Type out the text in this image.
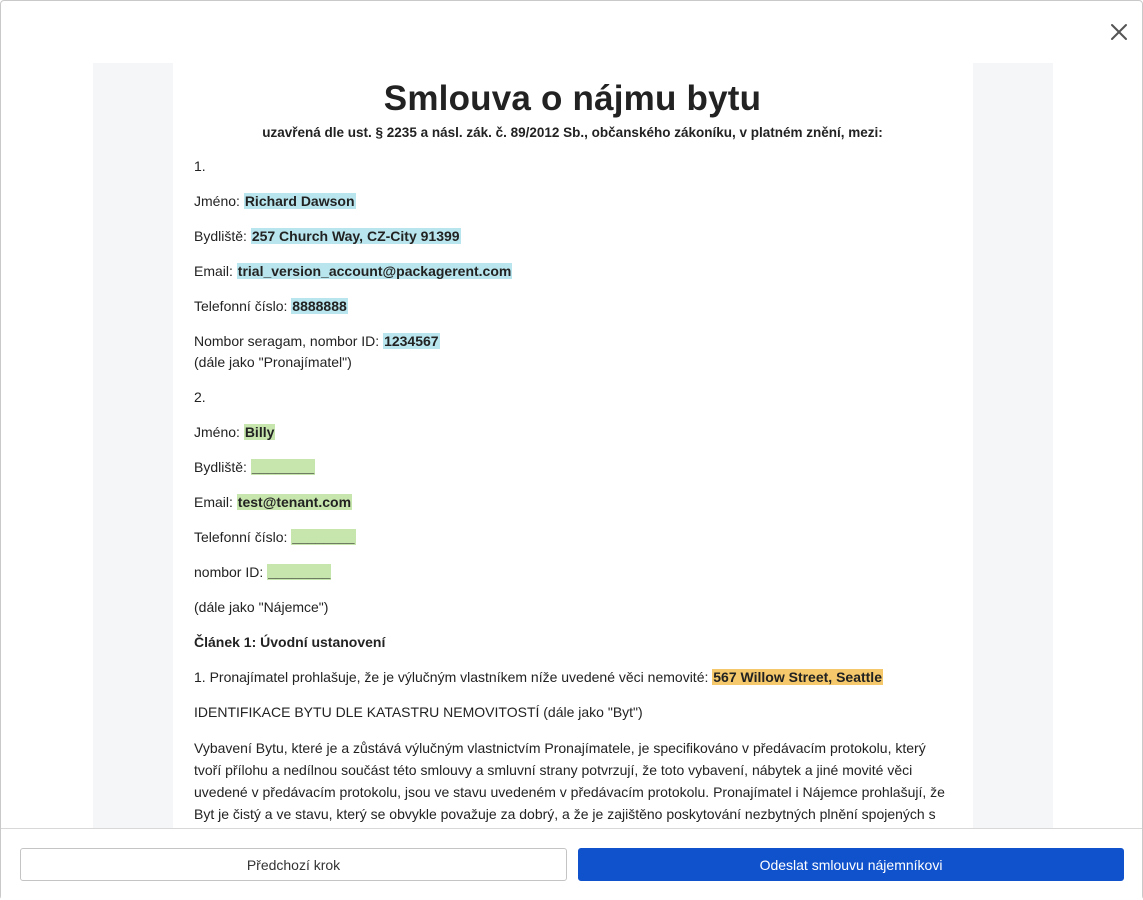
Smlouva o nájmu bytu
uzavřená dle ust. § 2235 a násl. zák. č. 89/2012 Sb., občanského zákoníku, v platném znění, mezi:
1.
Jméno: Richard Dawson
Bydliště: 257 Church Way, CZ-City 91399
Email: trial_version_account@packagerent.com
Telefonní číslo: 8888888
Nombor seragam, nombor ID: 1234567
(dále jako "Pronajímatel")
2.
Jméno: Billy
Bydliště: ________
Email: test@tenant.com
Telefonní číslo: ________
nombor ID: ________
(dále jako "Nájemce")
Článek 1: Úvodní ustanovení
1. Pronajímatel prohlašuje, že je výlučným vlastníkem níže uvedené věci nemovité: 567 Willow Street, Seattle
IDENTIFIKACE BYTU DLE KATASTRU NEMOVITOSTÍ (dále jako "Byt")
Vybavení Bytu, které je a zůstává výlučným vlastnictvím Pronajímatele, je specifikováno v předávacím protokolu, který tvoří přílohu a nedílnou součást této smlouvy a smluvní strany potvrzují, že toto vybavení, nábytek a jiné movité věci uvedené v předávacím protokolu, jsou ve stavu uvedeném v předávacím protokolu. Pronajímatel i Nájemce prohlašují, že Byt je čistý a ve stavu, který se obvykle považuje za dobrý, a že je zajištěno poskytování nezbytných plnění spojených s
Předchozí krok	Odeslat smlouvu nájemníkovi
